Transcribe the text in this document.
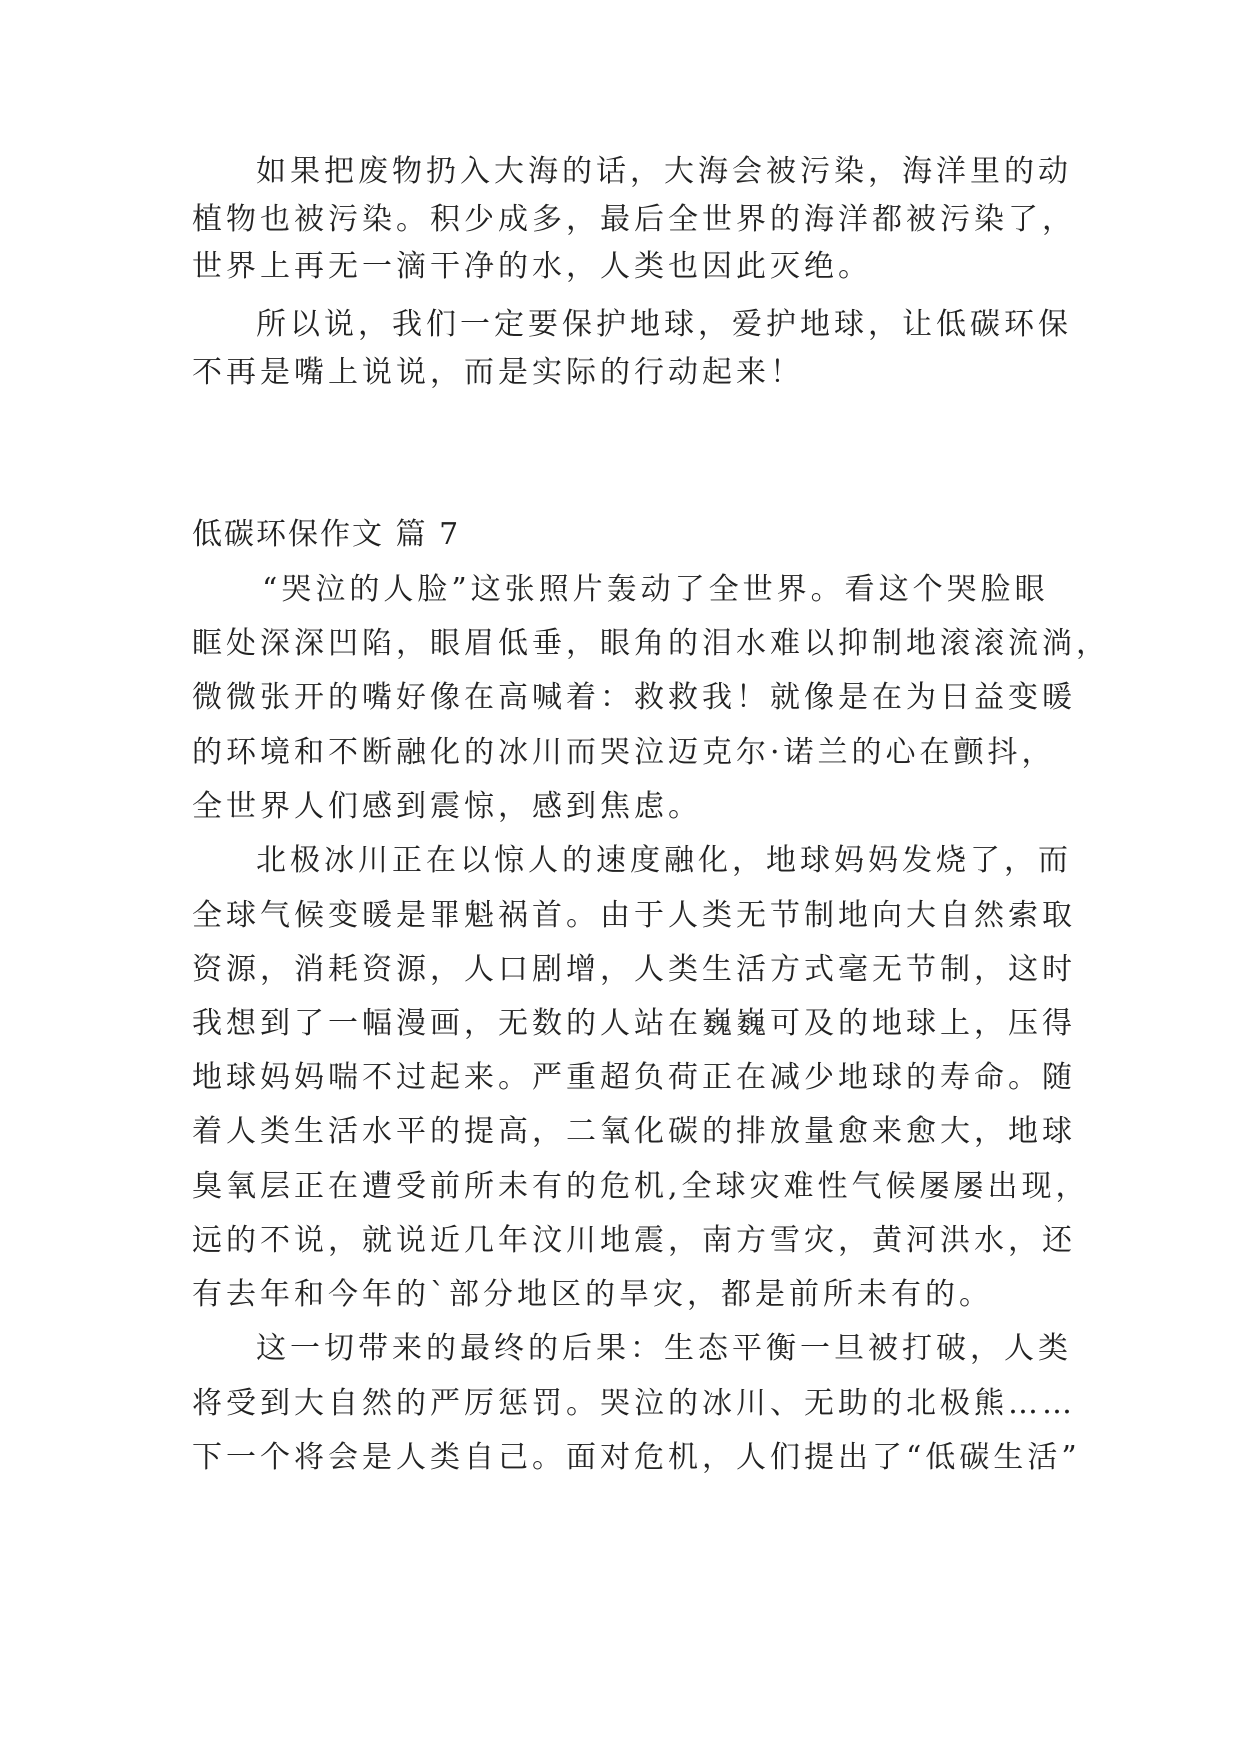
如果把废物扔入大海的话，大海会被污染，海洋里的动
植物也被污染。积少成多，最后全世界的海洋都被污染了，
世界上再无一滴干净的水，人类也因此灭绝。
所以说，我们一定要保护地球，爱护地球，让低碳环保
不再是嘴上说说，而是实际的行动起来！
低碳环保作文 篇 7
“哭泣的人脸”这张照片轰动了全世界。看这个哭脸眼
眶处深深凹陷，眼眉低垂，眼角的泪水难以抑制地滚滚流淌，
微微张开的嘴好像在高喊着：救救我！就像是在为日益变暖
的环境和不断融化的冰川而哭泣迈克尔·诺兰的心在颤抖，
全世界人们感到震惊，感到焦虑。
北极冰川正在以惊人的速度融化，地球妈妈发烧了，而
全球气候变暖是罪魁祸首。由于人类无节制地向大自然索取
资源，消耗资源，人口剧增，人类生活方式毫无节制，这时
我想到了一幅漫画，无数的人站在巍巍可及的地球上，压得
地球妈妈喘不过起来。严重超负荷正在减少地球的寿命。随
着人类生活水平的提高，二氧化碳的排放量愈来愈大，地球
臭氧层正在遭受前所未有的危机,全球灾难性气候屡屡出现，
远的不说，就说近几年汶川地震，南方雪灾，黄河洪水，还
有去年和今年的`部分地区的旱灾，都是前所未有的。
这一切带来的最终的后果：生态平衡一旦被打破，人类
将受到大自然的严厉惩罚。哭泣的冰川、无助的北极熊……
下一个将会是人类自己。面对危机，人们提出了“低碳生活”
